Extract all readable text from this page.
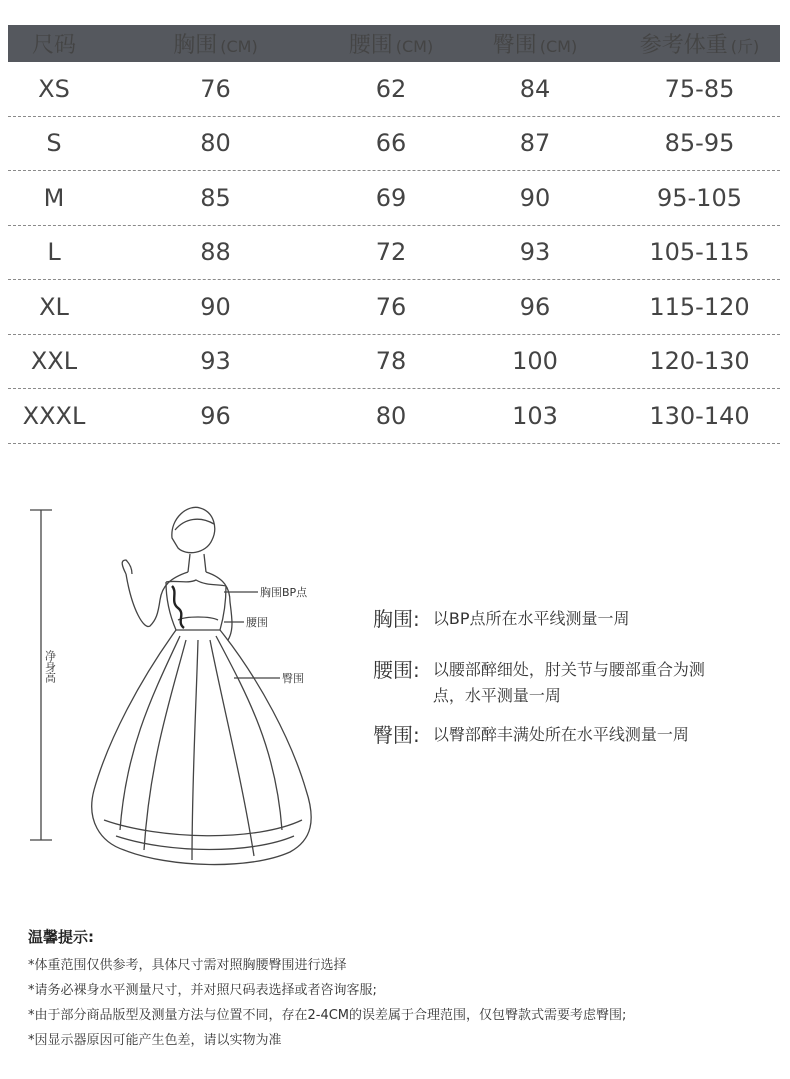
尺码	胸围 (CM)	腰围 (CM)	臀围 (CM)	参考体重 (斤)
XS	76	62	84	75-85
S	80	66	87	85-95
M	85	69	90	95-105
L	88	72	93	105-115
XL	90	76	96	115-120
XXL	93	78	100	120-130
XXXL	96	80	103	130-140
胸围BP点
腰围
臀围
净身高
胸围: 以BP点所在水平线测量一周
腰围: 以腰部醉细处，肘关节与腰部重合为测
点，水平测量一周
臀围: 以臀部醉丰满处所在水平线测量一周
温馨提示:
*体重范围仅供参考，具体尺寸需对照胸腰臀围进行选择
*请务必裸身水平测量尺寸，并对照尺码表选择或者咨询客服;
*由于部分商品版型及测量方法与位置不同，存在2-4CM的误差属于合理范围，仅包臀款式需要考虑臀围;
*因显示器原因可能产生色差，请以实物为准
